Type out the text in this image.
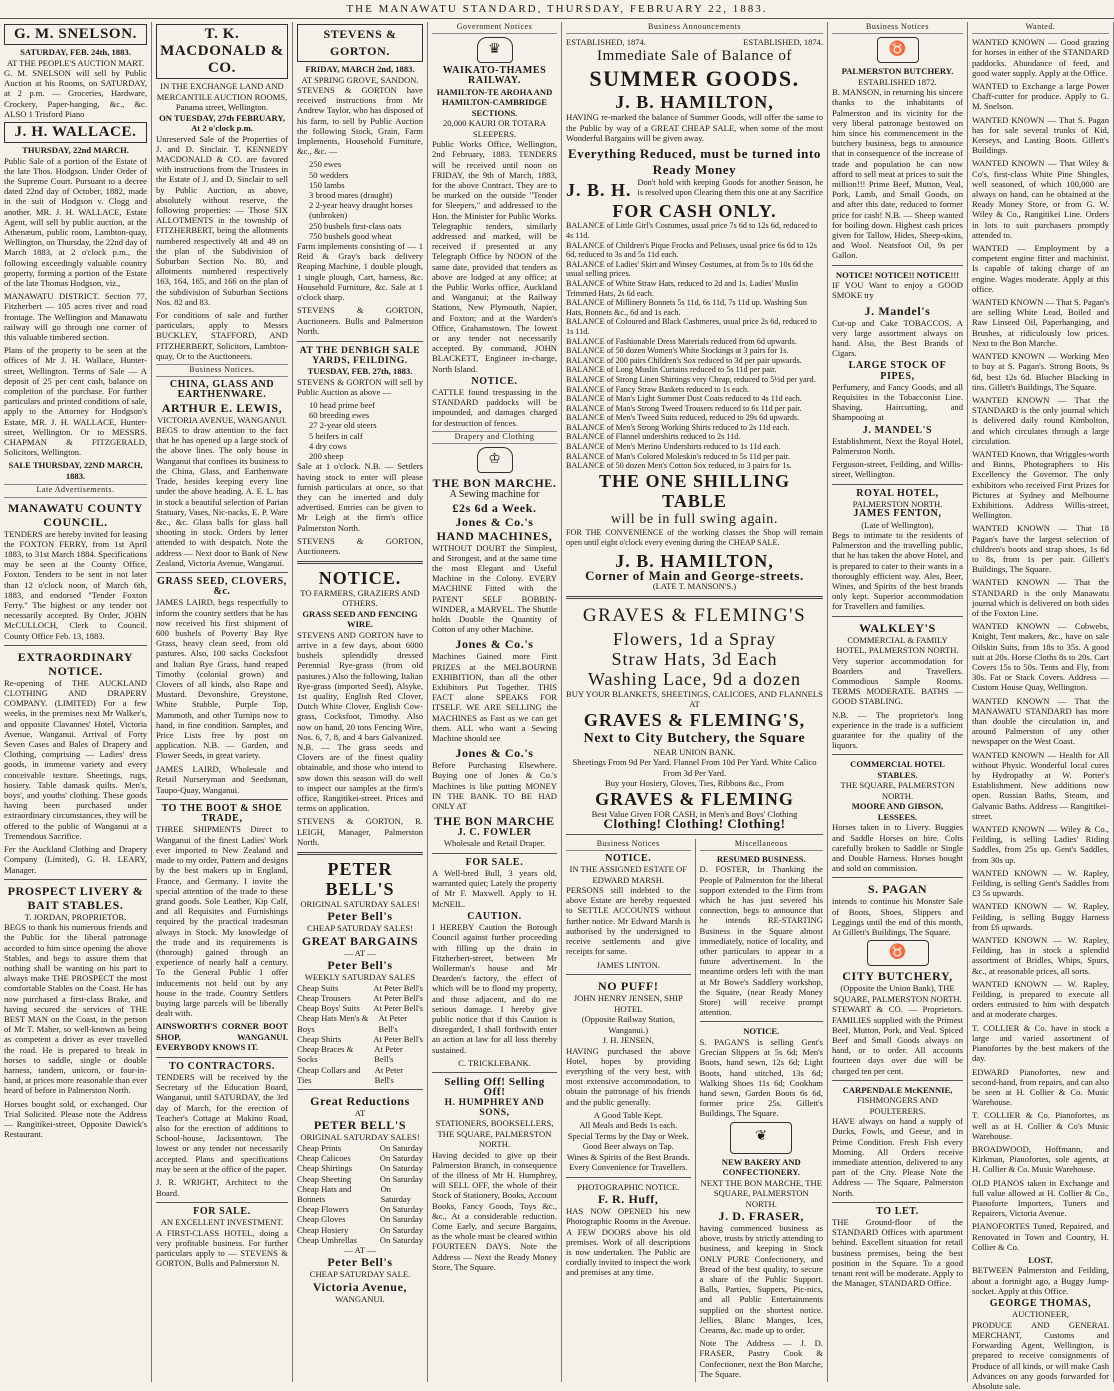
THE MANAWATU STANDARD, THURSDAY, FEBRUARY 22, 1883.
G. M. SNELSON.
SATURDAY, FEB. 24th, 1883.
AT THE PEOPLE'S AUCTION MART.

G. M. SNELSON will sell by Public Auction at his Rooms, on SATURDAY, at 2 p.m. — Groceries, Hardware, Crockery, Paper-hanging, &c., &c. ALSO 1 Trisford Piano

J. H. WALLACE.
THURSDAY, 22nd MARCH.

Public Sale of a portion of the Estate of the late Thos. Hodgson. Under Order of the Supreme Court. Pursuant to a decree dated 22nd day of October, 1882, made in the suit of Hodgson v. Clogg and another. MR. J. H. WALLACE, Estate Agent, will sell by public auction, at the Athenæum, public room, Lambton-quay, Wellington, on Thursday, the 22nd day of March 1883, at 2 o'clock p.m., the following exceedingly valuable country property, forming a portion of the Estate of the late Thomas Hodgson, viz.,

MANAWATU DISTRICT. Section 77, Fitzherbert — 105 acres river and road frontage. The Wellington and Manawatu railway will go through one corner of this valuable timbered section.

Plans of the property to be seen at the offices of Mr J. H. Wallace, Hunter-street, Wellington. Terms of Sale — A deposit of 25 per cent cash, balance on completion of the purchase. For further particulars and printed conditions of sale, apply to the Attorney for Hodgson's Estate, MR. J. H. WALLACE, Hunter-street, Wellington. Or to MESSRS. CHAPMAN & FITZGERALD, Solicitors, Wellington.

SALE THURSDAY, 22ND MARCH, 1883.
Late Advertisements.
MANAWATU COUNTY COUNCIL.

TENDERS are hereby invited for leasing the FOXTON FERRY, from 1st April 1883, to 31st March 1884. Specifications may be seen at the County Office, Foxton. Tenders to be sent in not later than 12 o'clock noon, of March 6th, 1883, and endorsed "Tender Foxton Ferry." The highest or any tender not necessarily accepted. By Order, JOHN McCULLOCH, Clerk to Council. County Office Feb. 13, 1883.

EXTRAORDINARY NOTICE.

Re-opening of THE AUCKLAND CLOTHING AND DRAPERY COMPANY. (LIMITED) For a few weeks, in the premises next Mr Walker's, and opposite Clavannes' Hotel, Victoria Avenue, Wanganui. Arrival of Forty Seven Cases and Bales of Drapery and Clothing, comprising — Ladies' dress goods, in immense variety and every conceivable texture. Sheetings, rugs, hosiery. Table damask quilts. Men's, boys', and youths' clothing. These goods having been purchased under extraordinary circumstances, they will be offered to the public of Wanganui at a Tremendous Sacrifice.

Fer the Auckland Clothing and Drapery Company (Limited), G. H. LEARY, Manager.

PROSPECT LIVERY & BAIT STABLES.
T. JORDAN, PROPRIETOR.

BEGS to thank his numerous friends and the Public for the liberal patronage accorded to him since opening the above Stables, and begs to assure them that nothing shall be wanting on his part to always make THE PROSPECT the most comfortable Stables on the Coast. He has now purchased a first-class Brake, and having secured the services of THE BEST MAN on the Coast, in the person of Mr T. Maher, so well-known as being as competent a driver as ever travelled the road. He is prepared to break in horses to saddle, single or double harness, tandem, unicorn, or four-in-hand, at prices more reasonable than ever heard of before in Palmerston North.

Horses bought sold, or exchanged. Our Trial Solicited. Please note the Address — Rangitikei-street, Opposite Dawick's Restaurant.

T. K. MACDONALD & CO.
IN THE EXCHANGE LAND AND MERCANTILE AUCTION ROOMS, Panama street, Wellington.
ON TUESDAY, 27th FEBRUARY, At 2 o'clock p.m.

Unreserved Sale of the Properties of J. and D. Sinclair. T. KENNEDY MACDONALD & CO. are favored with instructions from the Trustees in the Estate of J. and D. Sinclair to sell by Public Auction, as above, absolutely without reserve, the following properties: — Those SIX ALLOTMENTS in the township of FITZHERBERT, being the allotments numbered respectively 48 and 49 on the plan of the Subdivision of Suburban Section No. 80, and allotments numbered respectively 163, 164, 165, and 166 on the plan of the subdivision of Suburban Sections Nos. 82 and 83.

For conditions of sale and further particulars, apply to Messrs BUCKLEY, STAFFORD, AND FITZHERBERT, Solicitors, Lambton-quay, Or to the Auctioneers.

Business Notices.
CHINA, GLASS AND EARTHENWARE.
ARTHUR E. LEWIS,
VICTORIA AVENUE, WANGANUI.

BEGS to draw attention to the fact that he has opened up a large stock of the above lines. The only house in Wanganui that confines its business to the China, Glass, and Earthenware Trade, besides keeping every line under the above heading. A. E. L. has in stock a beautiful selection of Parian Statuary, Vases, Nic-nacks, E. P. Ware &c., &c. Glass balls for glass ball shooting in stock. Orders by letter attended to with despatch. Note the address — Next door to Bank of New Zealand, Victoria Avenue, Wanganui.

GRASS SEED, CLOVERS, &c.

JAMES LAIRD, begs respectfully to inform the country settlers that he has now received his first shipment of 600 bushels of Poverty Bay Rye Grass, heavy clean seed, from old pastures. Also, 100 sacks Cocksfoot and Italian Rye Grass, hand reaped Timothy (colonial grown) and Clovers of all kinds, also Rape and Mustard. Devonshire, Greystone, White Stubble, Purple Top, Mammoth, and other Turnips now to hand, in fine condition. Samples, and Price Lists free by post on application. N.B. — Garden, and Flower Seeds, in great variety.

JAMES LAIRD, Wholesale and Retail Nurseryman and Seedsman, Taupo-Quay, Wanganui.

TO THE BOOT & SHOE TRADE,

THREE SHIPMENTS Direct to Wanganui of the finest Ladies' Work ever imported to New Zealand and made to my order, Pattern and designs by the best makers up in England, France, and Germany. I invite the special attention of the trade to these grand goods. Sole Leather, Kip Calf, and all Requisites and Furnishings required by the practical tradesman always in Stock. My knowledge of the trade and its requirements is (thorough) gained through an experience of nearly half a century. To the General Public I offer inducements not held out by any house in the trade. Country Settlers buying large parcels will be liberally dealt with.

AINSWORTH'S CORNER BOOT SHOP, WANGANUI. EVERYBODY KNOWS IT.

TO CONTRACTORS.

TENDERS will be received by the Secretary of the Education Board, Wanganui, until SATURDAY, the 3rd day of March, for the erection of Teacher's Cottage at Makino Road, also for the erection of additions to School-house, Jacksontown. The lowest or any tender not necessarily accepted. Plans and specifications may be seen at the office of the paper.

J. R. WRIGHT, Architect to the Board.

FOR SALE.
AN EXCELLENT INVESTMENT.

A FIRST-CLASS HOTEL, doing a very profitable business. For further particulars apply to — STEVENS & GORTON, Bulls and Palmerston N.

STEVENS & GORTON.
FRIDAY, MARCH 2nd, 1883.
AT SPRING GROVE, SANDON.

STEVENS & GORTON have received instructions from Mr Andrew Taylor, who has disposed of his farm, to sell by Public Auction the following Stock, Grain, Farm Implements, Household Furniture, &c., &c. —

250 ewes
50 wedders
150 lambs
3 brood mares (draught)
2 2-year heavy draught horses (unbroken)
250 bushels first-class oats
750 bushels good wheat

Farm implements consisting of — 1 Reid & Gray's back delivery Reaping Machine, 1 double plough, 1 single plough, Cart, harness, &c. Household Furniture, &c. Sale at 1 o'clock sharp.

STEVENS & GORTON, Auctioneers. Bulls and Palmerston North.

AT THE DENBIGH SALE YARDS, FEILDING.
TUESDAY, FEB. 27th, 1883.

STEVENS & GORTON will sell by Public Auction as above —

10 head prime beef
60 breeding ewes
27 2-year old steers
5 heifers in calf
4 dry cows
200 sheep

Sale at 1 o'clock. N.B. — Settlers having stock to enter will please furnish particulars at once, so that they can be inserted and duly advertised. Entries can be given to Mr Leigh at the firm's office Palmerston North.

STEVENS & GORTON, Auctioneers.

NOTICE.
TO FARMERS, GRAZIERS AND OTHERS.
GRASS SEED AND FENCING WIRE.

STEVENS AND GORTON have to arrive in a few days, about 6000 bushels splendidly dressed Perennial Rye-grass (from old pastures.) Also the following, Italian Rye-grass (imported Seed), Alsyke, 1st quality, English Red Clover, Dutch White Clover, English Cow-grass, Cocksfoot, Timothy. Also now on hand, 20 tons Fencing Wire, Nos. 6, 7, 8, and 4 bars Galvanized. N.B. — The grass seeds and Clovers are of the finest quality obtainable, and those who intend to sow down this season will do well to inspect our samples at the firm's office, Rangitikei-street. Prices and terms on application.

STEVENS & GORTON, R. LEIGH, Manager, Palmerston North.

PETER BELL'S
ORIGINAL SATURDAY SALES!
Peter Bell's
CHEAP SATURDAY SALES!
GREAT BARGAINS
— AT —
Peter Bell's
WEEKLY SATURDAY SALES
Cheap Suits	At Peter Bell's
Cheap Trousers	At Peter Bell's
Cheap Boys' Suits At Peter Bell's
Cheap Hats Men's & Boys
At Peter Bell's
Cheap Shirts	At Peter Bell's
Cheap Braces & Socks
At Peter Bell's
Cheap Collars and Ties
At Peter Bell's
Great Reductions
AT
PETER BELL'S
ORIGINAL SATURDAY SALES!
Cheap Prints	On Saturday
Cheap Calicoes	On Saturday
Cheap Shirtings	On Saturday
Cheap Sheeting	On Saturday
Cheap Hats and Bonnets
On Saturday
Cheap Flowers	On Saturday
Cheap Gloves	On Saturday
Cheap Hosiery	On Saturday
Cheap Umbrellas	On Saturday
— AT —
Peter Bell's
CHEAP SATURDAY SALE.
Victoria Avenue,
WANGANUI.
Government Notices
♛
WAIKATO-THAMES RAILWAY.
HAMILTON-TE AROHA AND HAMILTON-CAMBRIDGE SECTIONS.
20,000 KAURI OR TOTARA SLEEPERS.

Public Works Office, Wellington, 2nd February, 1883. TENDERS will be received until noon on FRIDAY, the 9th of March, 1883, for the above Contract. They are to be marked on the outside "Tender for Sleepers," and addressed to the Hon. the Minister for Public Works. Telegraphic tenders, similarly addressed and marked, will be received if presented at any Telegraph Office by NOON of the same date, provided that tenders as above are lodged at any office; at the Public Works office, Auckland and Wanganui; at the Railway Stations, New Plymouth, Napier, and Foxton; and at the Warden's Office, Grahamstown. The lowest or any tender not necessarily accepted. By command, JOHN BLACKETT, Engineer in-charge, North Island.

NOTICE.

CATTLE found trespassing in the STANDARD paddocks will be impounded, and damages charged for destruction of fences.

Drapery and Clothing
♔
THE BON MARCHE.
A Sewing machine for
£2s 6d a Week.
Jones & Co.'s
HAND MACHINES,

WITHOUT DOUBT the Simplest, and Strongest, and at the same time the most Elegant and Useful Machine in the Colony. EVERY MACHINE Fitted with the PATENT SELF BOBBIN-WINDER, a MARVEL. The Shuttle holds Double the Quantity of Cotton of any other Machine.

Jones & Co.'s

Machines Gained more First PRIZES at the MELBOURNE EXHIBITION, than all the other Exhibitors Put Together. THIS FACT alone SPEAKS FOR ITSELF. WE ARE SELLING the MACHINES as Fast as we can get them. ALL who want a Sewing Machine should see

Jones & Co.'s

Before Purchasing Elsewhere. Buying one of Jones & Co.'s Machines is like putting MONEY IN THE BANK. TO BE HAD ONLY AT

THE BON MARCHE
J. C. FOWLER
Wholesale and Retail Draper.
FOR SALE.

A Well-bred Bull, 3 years old, warranted quiet; Lately the property of Mr F. Maxwell. Apply to H. McNEIL.

CAUTION.

I HEREBY Caution the Borough Council against further proceeding with filling up the drain in Fitzherbert-street, between Mr Wollerman's house and Mr Dearden's factory, the effect of which will be to flood my property, and those adjacent, and do me serious damage. I hereby give public notice that if this Caution is disregarded, I shall forthwith enter an action at law for all loss thereby sustained.

C. TRICKLEBANK.
Selling Off! Selling Off!
H. HUMPHREY AND SONS,
STATIONERS, BOOKSELLERS, THE SQUARE, PALMERSTON NORTH.

Having decided to give up their Palmerston Branch, in consequence of the illness of Mr H. Humphrey, will SELL OFF, the whole of their Stock of Stationery, Books, Account Books, Fancy Goods, Toys &c., &c., At a considerable reduction. Come Early, and secure Bargains, as the whole must be cleared within FOURTEEN DAYS. Note the Address — Next the Ready Money Store, The Square.

Business Announcements
ESTABLISHED, 1874.	ESTABLISHED, 1874.
Immediate Sale of Balance of
SUMMER GOODS.
J. B. HAMILTON,

HAVING re-marked the balance of Summer Goods, will offer the same to the Public by way of a GREAT CHEAP SALE, when some of the most Wonderful Bargains will be given away.

Everything Reduced, must be turned into Ready Money
J. B. H. Don't hold with keeping Goods for another Season, he is resolved upon Clearing them this one at any Sacrifice

FOR CASH ONLY.
BALANCE of Little Girl's Costumes, usual price 7s 6d to 12s 6d, reduced to 4s 11d.
BALANCE of Children's Pique Frocks and Pelisses, usual price 6s 6d to 12s 6d, reduced to 3s and 5s 11d each.
BALANCE of Ladies' Skirt and Winsey Costumes, at from 5s to 10s 6d the usual selling prices.
BALANCE of White Straw Hats, reduced to 2d and 1s. Ladies' Muslin Trimmed Hats, 2s 6d each.
BALANCE of Millinery Bonnets 5s 11d, 6s 11d, 7s 11d up. Washing Sun Hats, Bonnets &c., 6d and 1s each.
BALANCE of Coloured and Black Cashmeres, usual price 2s 6d, reduced to 1s 11d.
BALANCE of Fashionable Dress Materials reduced from 6d upwards.
BALANCE of 50 dozen Women's White Stockings at 3 pairs for 1s.
BALANCE of 200 pairs Children's Sox reduced to 3d per pair upwards.
BALANCE of Long Muslin Curtains reduced to 5s 11d per pair.
BALANCE of Strong Linen Shirtings very Cheap, reduced to 5½d per yard.
BALANCE of Fancy Straw Baskets reduced to 1s each.
BALANCE of Man's Light Summer Dust Coats reduced to 4s 11d each.
BALANCE of Man's Strong Tweed Trousers reduced to 6s 11d per pair.
BALANCE of Men's Tweed Suits reduced, reduced to 29s 6d upwards.
BALANCE of Men's Strong Working Shirts reduced to 2s 11d each.
BALANCE of Flannel undershirts reduced to 2s 11d.
BALANCE of Men's Merino Undershirts reduced to 1s 11d each.
BALANCE of Man's Colored Moleskin's reduced to 5s 11d per pair.
BALANCE of 50 dozen Men's Cotton Sox reduced, to 3 pairs for 1s.
THE ONE SHILLING TABLE
will be in full swing again.

FOR THE CONVENIENCE of the working classes the Shop will remain open until eight o'clock every evening during the CHEAP SALE.

J. B. HAMILTON,
Corner of Main and George-streets.
(LATE T. MANSON'S.)
GRAVES & FLEMING'S
Flowers, 1d a Spray
Straw Hats, 3d Each
Washing Lace, 9d a dozen
BUY YOUR BLANKETS, SHEETINGS, CALICOES, AND FLANNELS
AT
GRAVES & FLEMING'S,
Next to City Butchery, the Square
NEAR UNION BANK.
Sheetings From 9d Per Yard. Flannel From 10d Per Yard. White Calico From 3d Per Yard.
Buy your Hosiery, Gloves, Ties, Ribbons &c., From
GRAVES & FLEMING
Best Value Given FOR CASH, in Men's and Boys' Clothing
Clothing! Clothing! Clothing!
Business Notices
NOTICE.
IN THE ASSIGNED ESTATE OF EDWARD MARSH.

PERSONS still indebted to the above Estate are hereby requested to SETTLE ACCOUNTS without further notice. Mr Edward Marsh is authorised by the undersigned to receive settlements and give receipts for same.

JAMES LINTON.
NO PUFF!
JOHN HENRY JENSEN, SHIP HOTEL
(Opposite Railway Station, Wanganui.)
J. H. JENSEN,

HAVING purchased the above Hotel, hopes by providing everything of the very best, with most extensive accommodation, to obtain the patronage of his friends and the public generally.

A Good Table Kept.
All Meals and Beds 1s each.
Special Terms by the Day or Week.
Good Beer always on Tap.
Wines & Spirits of the Best Brands.
Every Convenience for Travellers.
PHOTOGRAPHIC NOTICE.
F. R. Huff,

HAS NOW OPENED his new Photographic Rooms in the Avenue. A FEW DOORS above his old premises. Work of all descriptions is now undertaken. The Public are cordially invited to inspect the work and premises at any time.

Miscellaneous
RESUMED BUSINESS.

D. FOSTER, In Thanking the People of Palmerston for the liberal support extended to the Firm from which he has just severed his connection, begs to announce that he intends RE-STARTING Business in the Square almost immediately, notice of locality, and other particulars to appear in a future advertisement. In the meantime orders left with the man at Mr Bowe's Saddlery workshop, the Square, (near Ready Money Store) will receive prompt attention.

NOTICE.

S. PAGAN'S is selling Gent's Grecian Slippers at 5s 6d; Men's Boots, hand sewn, 12s 6d; Light Boots, hand stitched, 13s 6d; Walking Shoes 11s 6d; Cookham hand sewn, Garden Boots 6s 6d, former price 25s. Gillett's Buildings, The Square.

❦
NEW BAKERY AND CONFECTIONERY.
NEXT THE BON MARCHE, THE SQUARE, PALMERSTON NORTH.
J. D. FRASER,

having commenced business as above, trusts by strictly attending to business, and keeping in Stock ONLY PURE Confectionery, and Bread of the best quality, to secure a share of the Public Support. Balls, Parties, Suppers, Pic-nics, and all Public Entertainments supplied on the shortest notice. Jellies, Blanc Manges, Ices, Creams, &c. made up to order.

Note The Address — J. D. FRASER, Pastry Cook & Confectioner, next the Bon Marche, The Square.

Business Notices
♉
PALMERSTON BUTCHERY.
ESTABLISHED 1872.

B. MANSON, in returning his sincere thanks to the inhabitants of Palmerston and its vicinity for the very liberal patronage bestowed on him since his commencement in the butchery business, begs to announce that in consequence of the increase of trade and population he can now afford to sell meat at prices to suit the million!!! Prime Beef, Mutton, Veal, Pork, Lamb, and Small Goods, on and after this date, reduced to former price for cash! N.B. — Sheep wanted for boiling down. Highest cash prices given for Tallow, Hides, Sheep-skins, and Wool. Neatsfoot Oil, 9s per Gallon.

NOTICE! NOTICE!! NOTICE!!!

IF YOU Want to enjoy a GOOD SMOKE try

J. Mandel's

Cut-up and Cake TOBACCOS. A very large assortment always on hand. Also, the Best Brands of Cigars.

LARGE STOCK OF PIPES,

Perfumery, and Fancy Goods, and all Requisites in the Tobacconist Line. Shaving, Haircutting, and Shampooing at

J. MANDEL'S

Establishment, Next the Royal Hotel, Palmerston North.

Ferguson-street, Feilding, and Willis-street, Wellington.

ROYAL HOTEL,
PALMERSTON NORTH.
JAMES FENTON,
(Late of Wellington),

Begs to intimate to the residents of Palmerston and the travelling public, that he has taken the above Hotel, and is prepared to cater to their wants in a thoroughly efficient way. Ales, Beer, Wines, and Spirits of the best brands only kept. Superior accommodation for Travellers and families.

WALKLEY'S
COMMERCIAL & FAMILY HOTEL, PALMERSTON NORTH.

Very superior accommodation for Boarders and Travellers. Commodious Sample Rooms. TERMS MODERATE. BATHS — GOOD STABLING.

N.B. — The proprietor's long experience in the trade is a sufficient guarantee for the quality of the liquors.

COMMERCIAL HOTEL STABLES.
THE SQUARE, PALMERSTON NORTH.
MOORE AND GIBSON, LESSEES.

Horses taken in to Livery. Buggies and Saddle Horses on hire. Colts carefully broken to Saddle or Single and Double Harness. Horses bought and sold on commission.

S. PAGAN

intends to continue his Monster Sale of Boots, Shoes, Slippers and Leggings until the end of this month, At Gillett's Buildings, The Square.

♉
CITY BUTCHERY,
(Opposite the Union Bank), THE SQUARE, PALMERSTON NORTH.

STEWART & CO. — Proprietors. FAMILIES supplied with the Primest Beef, Mutton, Pork, and Veal. Spiced Beef and Small Goods always on hand, or to order. All accounts fourteen days over due will be charged ten per cent.

CARPENDALE McKENNIE,
FISHMONGERS AND POULTERERS.

HAVE always on hand a supply of Ducks, Fowls, and Geese, and in Prime Condition. Fresh Fish every Morning. All Orders receive immediate attention, delivered to any part of the City. Please Note the Address — The Square, Palmerston North.

TO LET.

THE Ground-floor of the STANDARD Offices with apartment behind. Excellent situation for retail business premises, being the best position in the Square. To a good tenant rent will be moderate. Apply to the Manager, STANDARD Office.

Wanted.

WANTED KNOWN — Good grazing for horses in either of the STANDARD paddocks. Abundance of feed, and good water supply. Apply at the Office.

WANTED to Exchange a large Power Chaff-cutter for produce. Apply to G. M. Snelson.

WANTED KNOWN — That S. Pagan has for sale several trunks of Kid, Kerseys, and Lasting Boots. Gillett's Buildings.

WANTED KNOWN — That Wiley & Co's, first-class White Pine Shingles, well seasoned, of which 100,000 are always on hand, can be obtained at the Ready Money Store, or from G. W. Wiley & Co., Rangitikei Line. Orders in lots to suit purchasers promptly attended to.

WANTED — Employment by a competent engine fitter and machinist. Is capable of taking charge of an engine. Wages moderate. Apply at this office.

WANTED KNOWN — That S. Pagan's are selling White Lead, Boiled and Raw Linseed Oil, Paperhanging, and Brushes, at ridiculously low prices. Next to the Bon Marche.

WANTED KNOWN — Working Men to buy at S. Pagan's. Strong Boots, 9s 6d, best 12s 6d. Blucher Blacking in tins. Gillett's Buildings, The Square.

WANTED KNOWN — That the STANDARD is the only journal which is delivered daily round Kimbolton, and which circulates through a large circulation.

WANTED Known, that Wriggles-worth and Binns, Photographers to His Excellency the Governor. The only exhibitors who received First Prizes for Pictures at Sydney and Melbourne Exhibitions. Address Willis-street, Wellington.

WANTED KNOWN — That 18 Pagan's have the largest selection of children's boots and strap shoes, 1s 6d to 8s, from 1s per pair. Gillett's Buildings, The Square.

WANTED KNOWN — That the STANDARD is the only Manawatu journal which is delivered on both sides of the Foxton Line.

WANTED KNOWN — Cobwebs, Knight, Tent makers, &c., have on sale Oilskin Suits, from 18s to 35s. A good suit at 20s. Horse Cloths 8s to 20s. Cart Covers 15s to 50s. Tents and Fly, from 30s. Fat or Stack Covers. Address — Custom House Quay, Wellington.

WANTED KNOWN — That the MANAWATU STANDARD has more than double the circulation in, and around Palmerston of any other newspaper on the West Coast.

WANTED KNOWN — Health for All without Physic. Wonderful local cures by Hydropathy at W. Porter's Establishment. New additions now open. Russian Baths, Steam, and Galvanic Baths. Address — Rangitikei-street.

WANTED KNOWN — Wiley & Co., Feilding, is selling Ladies' Riding Saddles, from 25s up. Gent's Saddles, from 30s up.

WANTED KNOWN — W. Rapley, Feilding, is selling Gent's Saddles from £3 5s upwards.

WANTED KNOWN — W. Rapley, Feilding, is selling Buggy Harness from £6 upwards.

WANTED KNOWN — W. Rapley, Feilding, has in stock a splendid assortment of Bridles, Whips, Spurs, &c., at reasonable prices, all sorts.

WANTED KNOWN — W. Rapley, Feilding, is prepared to execute all orders entrusted to him with despatch and at moderate charges.

T. COLLIER & Co. have in stock a large and varied assortment of Pianofortes by the best makers of the day.

EDWARD Pianofortes, new and second-hand, from repairs, and can also be seen at H. Collier & Co. Music Warehouse.

T. COLLIER & Co. Pianofortes, as well as at H. Collier & Co's Music Warehouse.

BROADWOOD, Hoffmann, and Kirkman, Pianofortes, sole agents, at H. Collier & Co. Music Warehouse.

OLD PIANOS taken in Exchange and full value allowed at H. Collier & Co., Pianoforte Importers, Tuners and Repairers, Victoria Avenue.

PIANOFORTES Tuned, Repaired, and Renovated in Town and Country, H. Collier & Co.

LOST.

BETWEEN Palmerston and Feilding, about a fortnight ago, a Buggy Jump-socket. Apply at this Office.

GEORGE THOMAS,
AUCTIONEER,

PRODUCE AND GENERAL MERCHANT, Customs and Forwarding Agent, Wellington, is prepared to receive consignments of Produce of all kinds, or will make Cash Advances on any goods forwarded for Absolute sale.
